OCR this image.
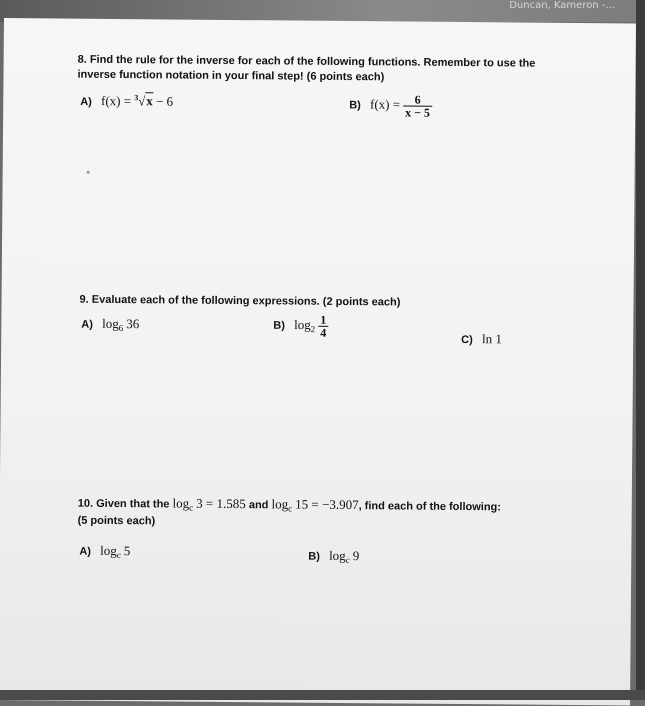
Duncan, Kameron -...
8. Find the rule for the inverse for each of the following functions. Remember to use the
inverse function notation in your final step! (6 points each)
A) f(x) = $^3$√x − 6	B) $f(x) = \frac{6}{x - 5}$
9. Evaluate each of the following expressions. (2 points each)
A) $\log_6 36$	B) $\log_2 \frac{1}{4}$
C) ln 1
10. Given that the $\log_c 3 = 1.585$ and $\log_c 15 = -3.907$, find each of the following:
(5 points each)
A) $\log_c 5$	B) $\log_c 9$
